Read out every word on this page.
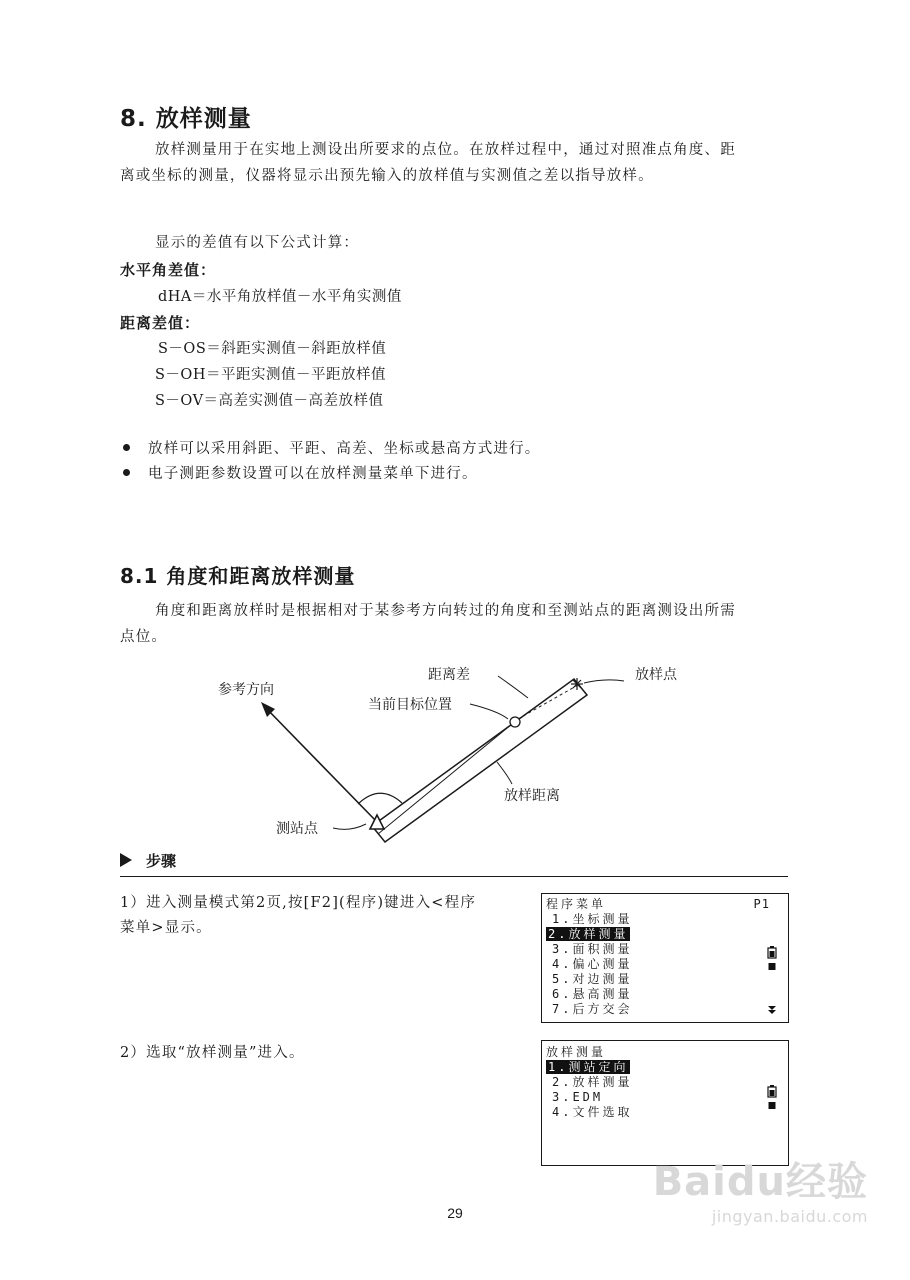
8. 放样测量
放样测量用于在实地上测设出所要求的点位。在放样过程中，通过对照准点角度、距
离或坐标的测量，仪器将显示出预先输入的放样值与实测值之差以指导放样。
显示的差值有以下公式计算：
水平角差值：
dHA＝水平角放样值－水平角实测值
距离差值：
S－OS＝斜距实测值－斜距放样值
S－OH＝平距实测值－平距放样值
S－OV＝高差实测值－高差放样值
放样可以采用斜距、平距、高差、坐标或悬高方式进行。
电子测距参数设置可以在放样测量菜单下进行。
8.1 角度和距离放样测量
角度和距离放样时是根据相对于某参考方向转过的角度和至测站点的距离测设出所需
点位。
参考方向
距离差	放样点
当前目标位置
放样距离
测站点
步骤
1）进入测量模式第2页,按[F2](程序)键进入<程序
菜单>显示。
程序菜单	P1
1.坐标测量
2.放样测量
3.面积测量
4.偏心测量
5.对边测量
6.悬高测量
7.后方交会
2）选取“放样测量”进入。	放样测量
1.测站定向
2.放样测量
3.EDM
4.文件选取
29
Baidu经验
jingyan.baidu.com
